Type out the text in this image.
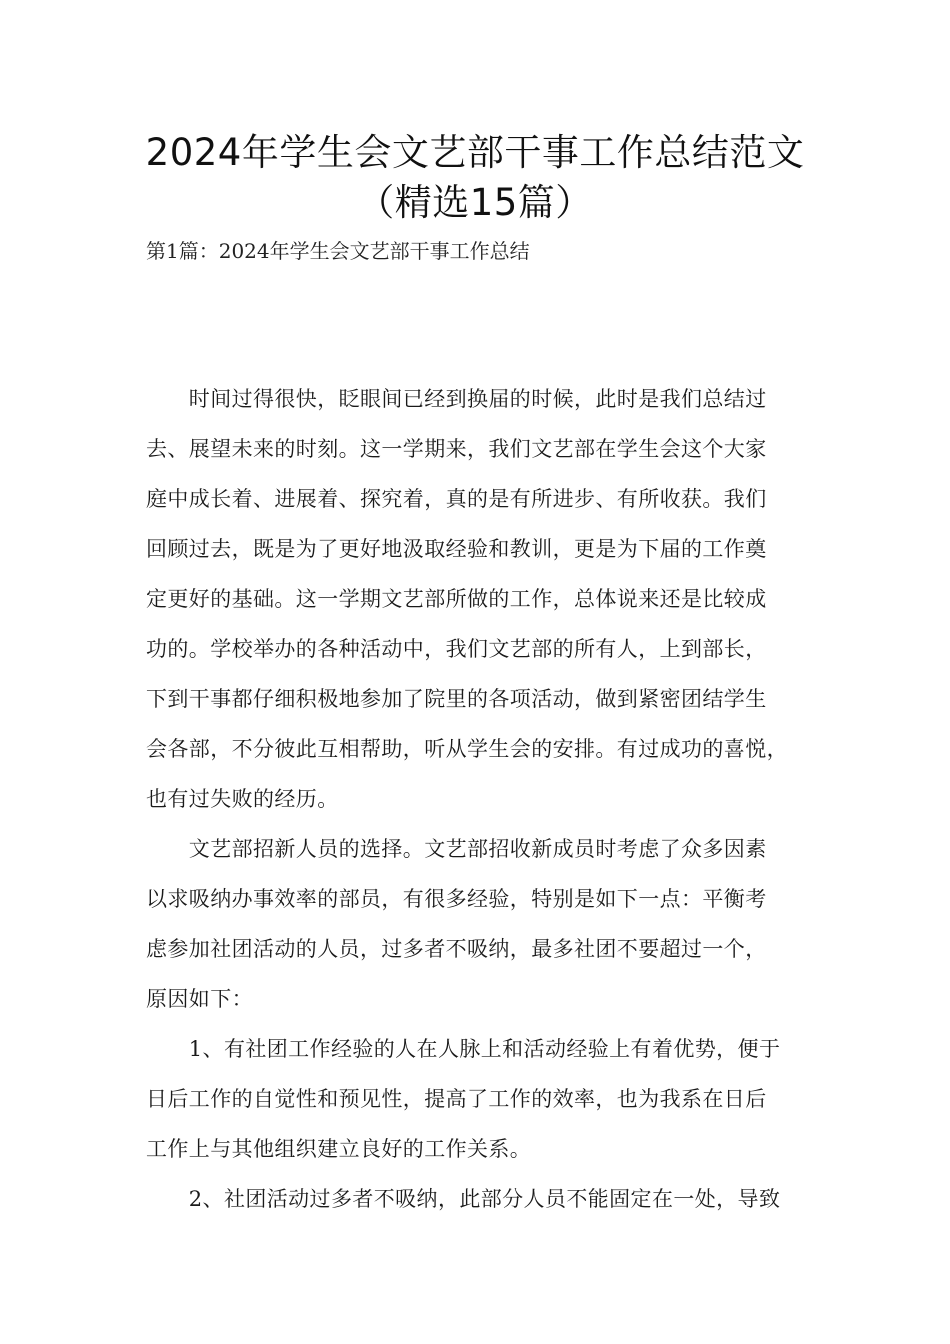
2024年学生会文艺部干事工作总结范文
（精选15篇）
第1篇：2024年学生会文艺部干事工作总结
　　时间过得很快，眨眼间已经到换届的时候，此时是我们总结过
去、展望未来的时刻。这一学期来，我们文艺部在学生会这个大家
庭中成长着、进展着、探究着，真的是有所进步、有所收获。我们
回顾过去，既是为了更好地汲取经验和教训，更是为下届的工作奠
定更好的基础。这一学期文艺部所做的工作，总体说来还是比较成
功的。学校举办的各种活动中，我们文艺部的所有人，上到部长，
下到干事都仔细积极地参加了院里的各项活动，做到紧密团结学生
会各部，不分彼此互相帮助，听从学生会的安排。有过成功的喜悦，
也有过失败的经历。
　　文艺部招新人员的选择。文艺部招收新成员时考虑了众多因素
以求吸纳办事效率的部员，有很多经验，特别是如下一点：平衡考
虑参加社团活动的人员，过多者不吸纳，最多社团不要超过一个，
原因如下：
　　1、有社团工作经验的人在人脉上和活动经验上有着优势，便于
日后工作的自觉性和预见性，提高了工作的效率，也为我系在日后
工作上与其他组织建立良好的工作关系。
　　2、社团活动过多者不吸纳，此部分人员不能固定在一处，导致
